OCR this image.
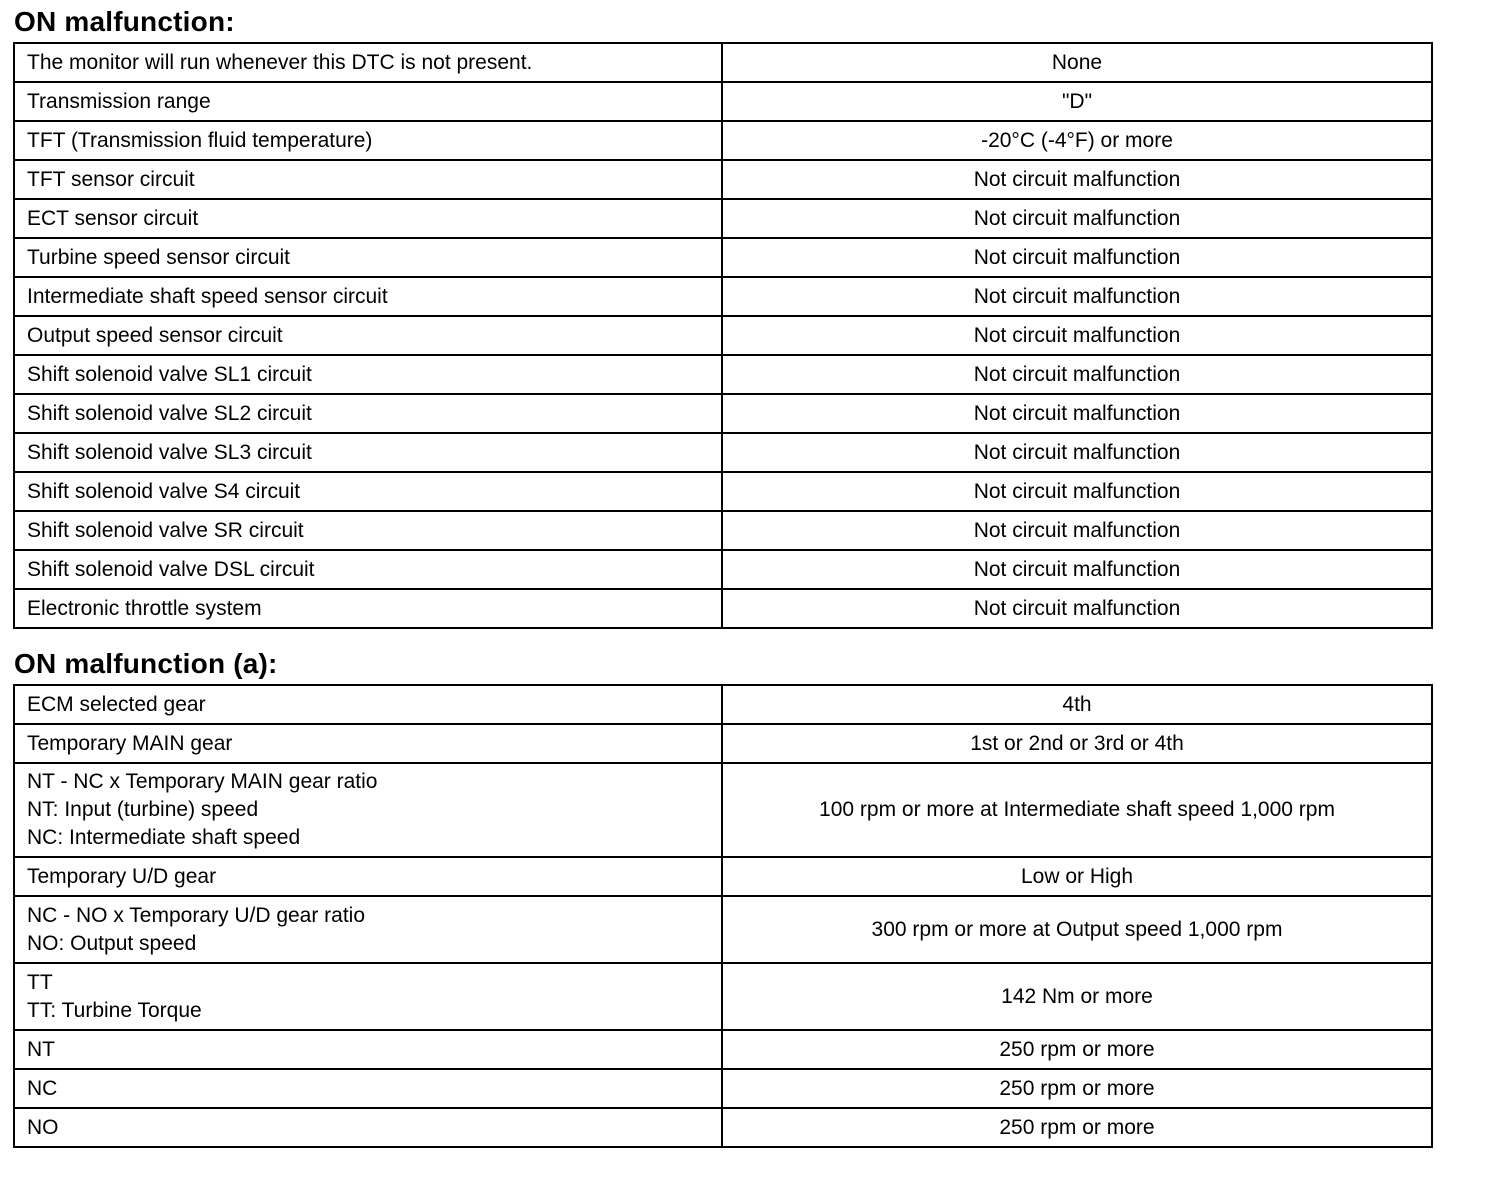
ON malfunction:
The monitor will run whenever this DTC is not present.	None

Transmission range	"D"

TFT (Transmission fluid temperature)	-20°C (-4°F) or more

TFT sensor circuit	Not circuit malfunction

ECT sensor circuit	Not circuit malfunction

Turbine speed sensor circuit	Not circuit malfunction

Intermediate shaft speed sensor circuit	Not circuit malfunction

Output speed sensor circuit	Not circuit malfunction

Shift solenoid valve SL1 circuit	Not circuit malfunction

Shift solenoid valve SL2 circuit	Not circuit malfunction

Shift solenoid valve SL3 circuit	Not circuit malfunction

Shift solenoid valve S4 circuit	Not circuit malfunction

Shift solenoid valve SR circuit	Not circuit malfunction

Shift solenoid valve DSL circuit	Not circuit malfunction

Electronic throttle system	Not circuit malfunction
ON malfunction (a):
ECM selected gear	4th

Temporary MAIN gear	1st or 2nd or 3rd or 4th

NT - NC x Temporary MAIN gear ratio
NT: Input (turbine) speed
NC: Intermediate shaft speed	100 rpm or more at Intermediate shaft speed 1,000 rpm

Temporary U/D gear	Low or High

NC - NO x Temporary U/D gear ratio
NO: Output speed	300 rpm or more at Output speed 1,000 rpm

TT
TT: Turbine Torque	142 Nm or more

NT	250 rpm or more

NC	250 rpm or more

NO	250 rpm or more
